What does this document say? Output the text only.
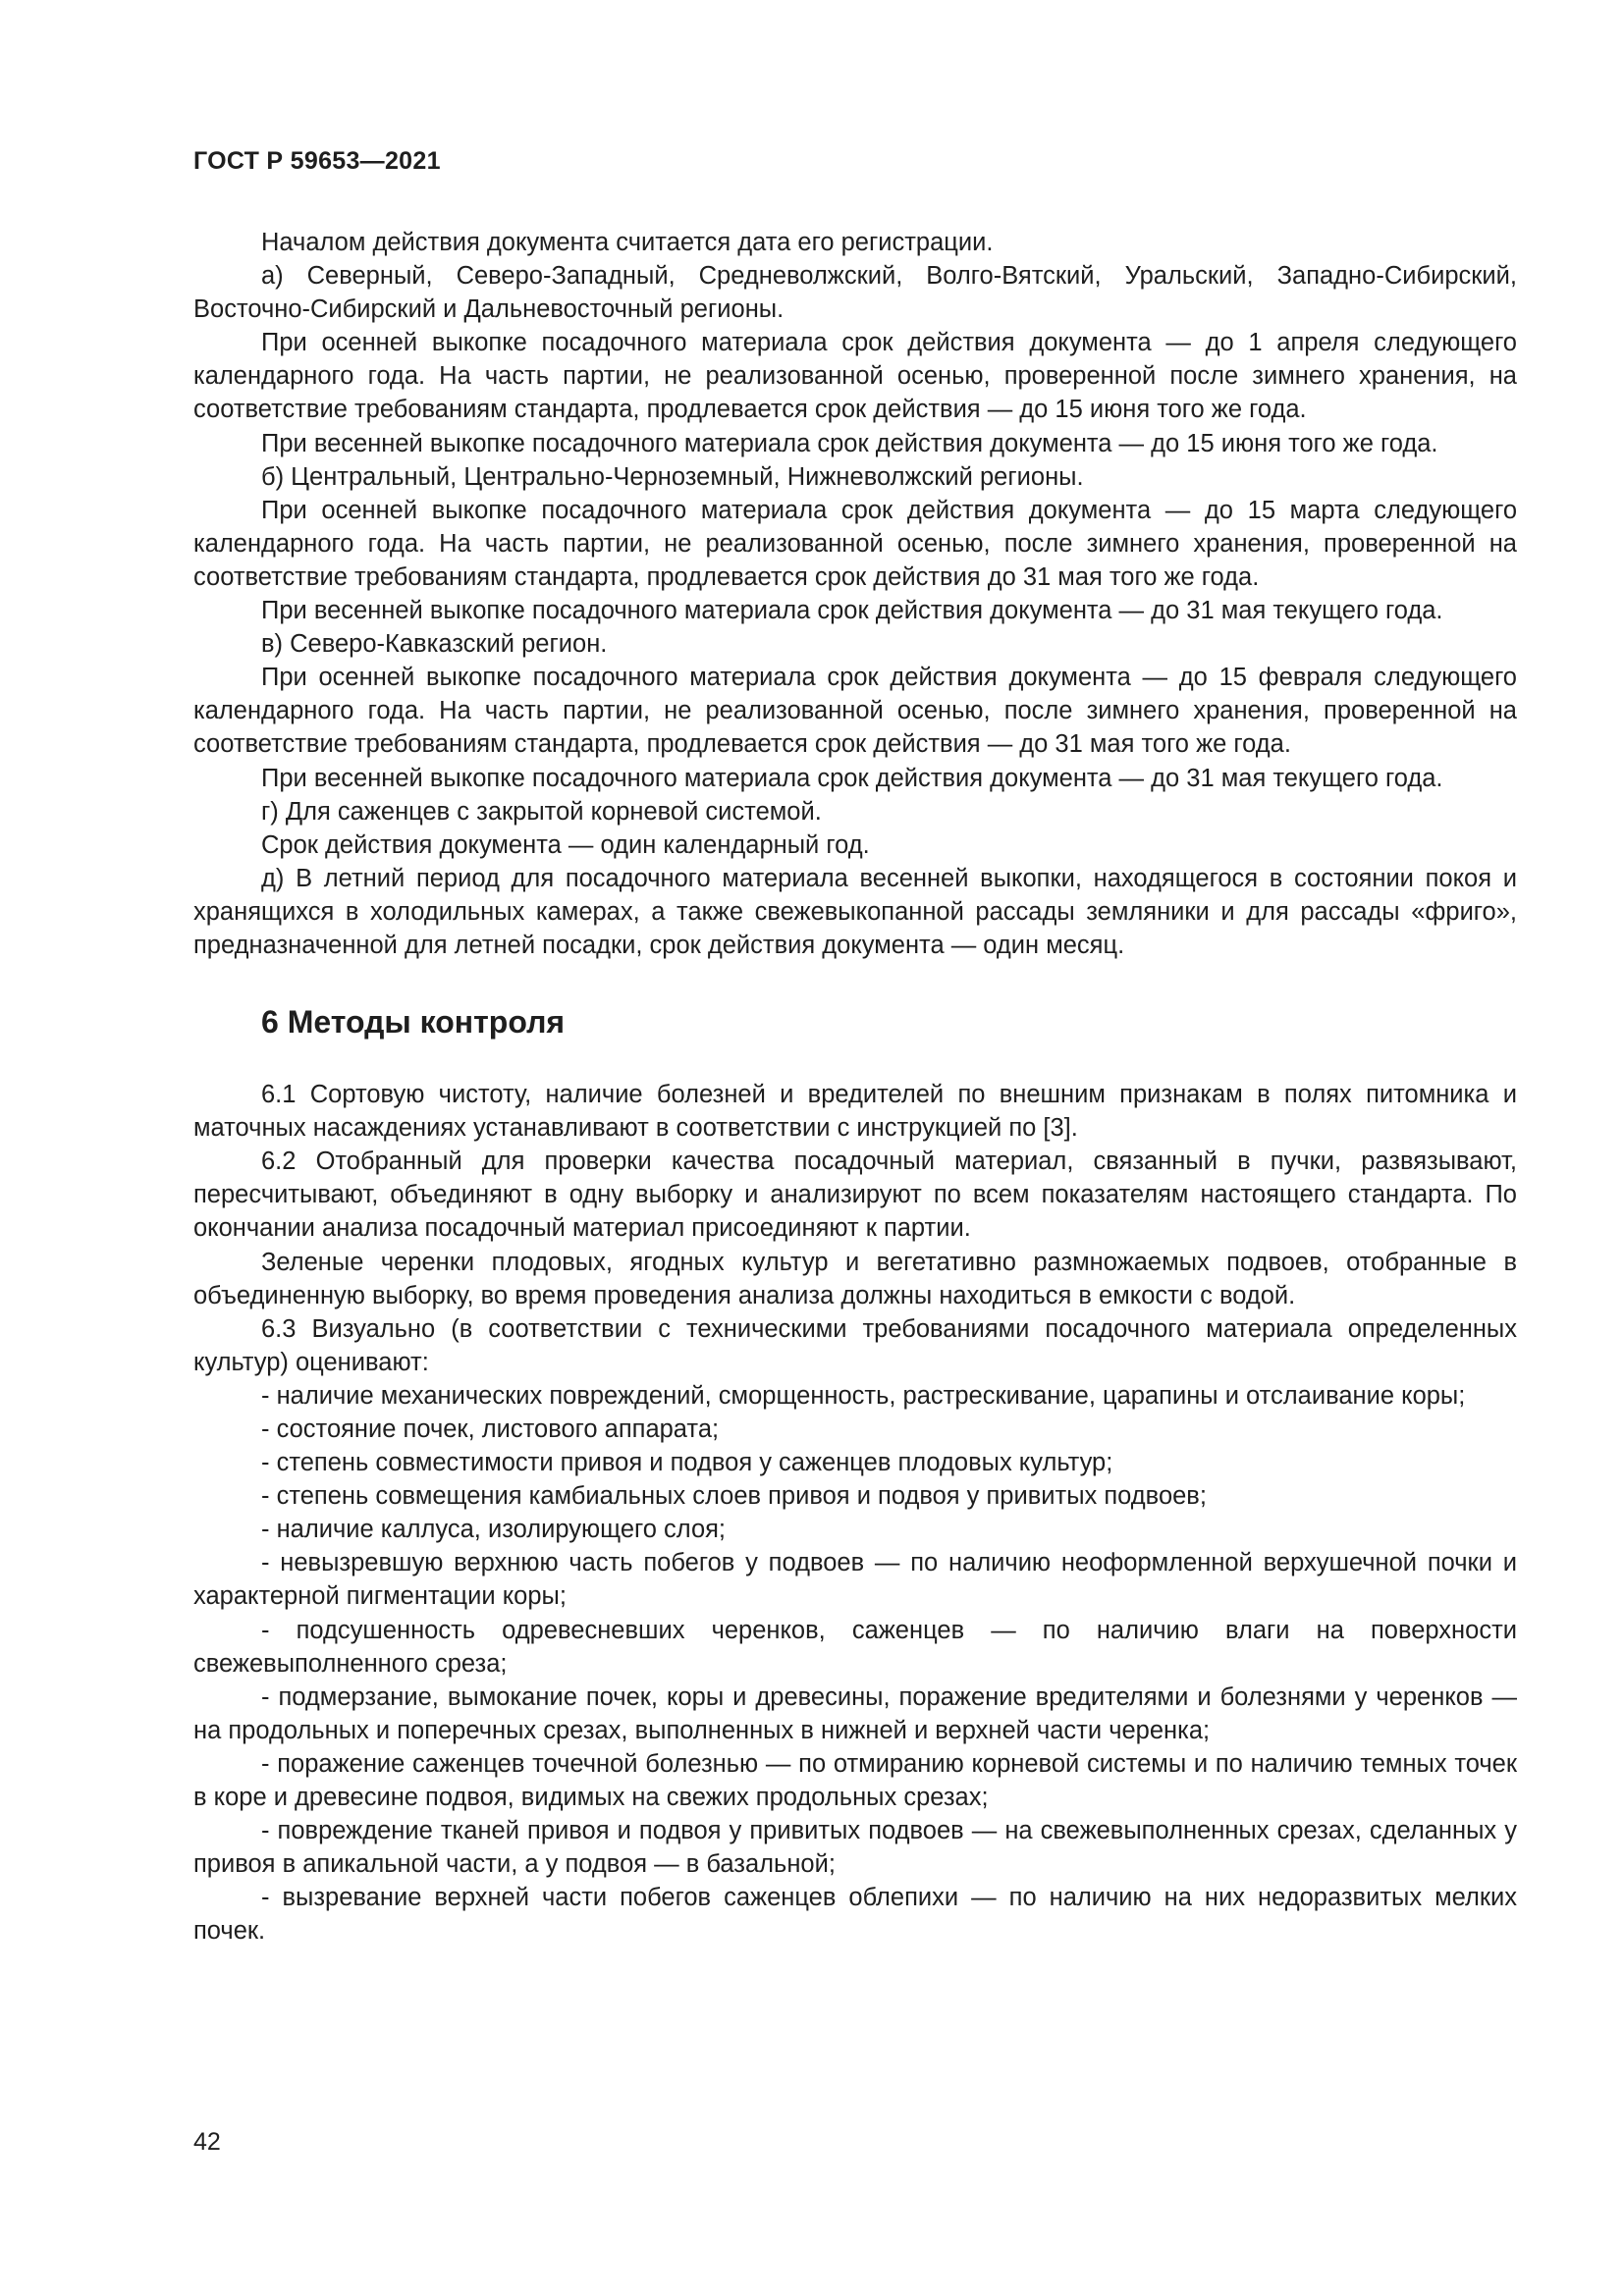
ГОСТ Р 59653—2021

Началом действия документа считается дата его регистрации.

а) Северный, Северо-Западный, Средневолжский, Волго-Вятский, Уральский, Западно-Сибирский, Восточно-Сибирский и Дальневосточный регионы.

При осенней выкопке посадочного материала срок действия документа — до 1 апреля следующего календарного года. На часть партии, не реализованной осенью, проверенной после зимнего хранения, на соответствие требованиям стандарта, продлевается срок действия — до 15 июня того же года.

При весенней выкопке посадочного материала срок действия документа — до 15 июня того же года.

б) Центральный, Центрально-Черноземный, Нижневолжский регионы.

При осенней выкопке посадочного материала срок действия документа — до 15 марта следующего календарного года. На часть партии, не реализованной осенью, после зимнего хранения, проверенной на соответствие требованиям стандарта, продлевается срок действия до 31 мая того же года.

При весенней выкопке посадочного материала срок действия документа — до 31 мая текущего года.

в) Северо-Кавказский регион.

При осенней выкопке посадочного материала срок действия документа — до 15 февраля следующего календарного года. На часть партии, не реализованной осенью, после зимнего хранения, проверенной на соответствие требованиям стандарта, продлевается срок действия — до 31 мая того же года.

При весенней выкопке посадочного материала срок действия документа — до 31 мая текущего года.

г) Для саженцев с закрытой корневой системой.

Срок действия документа — один календарный год.

д) В летний период для посадочного материала весенней выкопки, находящегося в состоянии покоя и хранящихся в холодильных камерах, а также свежевыкопанной рассады земляники и для рассады «фриго», предназначенной для летней посадки, срок действия документа — один месяц.

6 Методы контроля

6.1 Сортовую чистоту, наличие болезней и вредителей по внешним признакам в полях питомника и маточных насаждениях устанавливают в соответствии с инструкцией по [3].

6.2 Отобранный для проверки качества посадочный материал, связанный в пучки, развязывают, пересчитывают, объединяют в одну выборку и анализируют по всем показателям настоящего стандарта. По окончании анализа посадочный материал присоединяют к партии.

Зеленые черенки плодовых, ягодных культур и вегетативно размножаемых подвоев, отобранные в объединенную выборку, во время проведения анализа должны находиться в емкости с водой.

6.3 Визуально (в соответствии с техническими требованиями посадочного материала определенных культур) оценивают:

- наличие механических повреждений, сморщенность, растрескивание, царапины и отслаивание коры;

- состояние почек, листового аппарата;

- степень совместимости привоя и подвоя у саженцев плодовых культур;

- степень совмещения камбиальных слоев привоя и подвоя у привитых подвоев;

- наличие каллуса, изолирующего слоя;

- невызревшую верхнюю часть побегов у подвоев — по наличию неоформленной верхушечной почки и характерной пигментации коры;

- подсушенность одревесневших черенков, саженцев — по наличию влаги на поверхности свежевыполненного среза;

- подмерзание, вымокание почек, коры и древесины, поражение вредителями и болезнями у черенков — на продольных и поперечных срезах, выполненных в нижней и верхней части черенка;

- поражение саженцев точечной болезнью — по отмиранию корневой системы и по наличию темных точек в коре и древесине подвоя, видимых на свежих продольных срезах;

- повреждение тканей привоя и подвоя у привитых подвоев — на свежевыполненных срезах, сделанных у привоя в апикальной части, а у подвоя — в базальной;

- вызревание верхней части побегов саженцев облепихи — по наличию на них недоразвитых мелких почек.

42
